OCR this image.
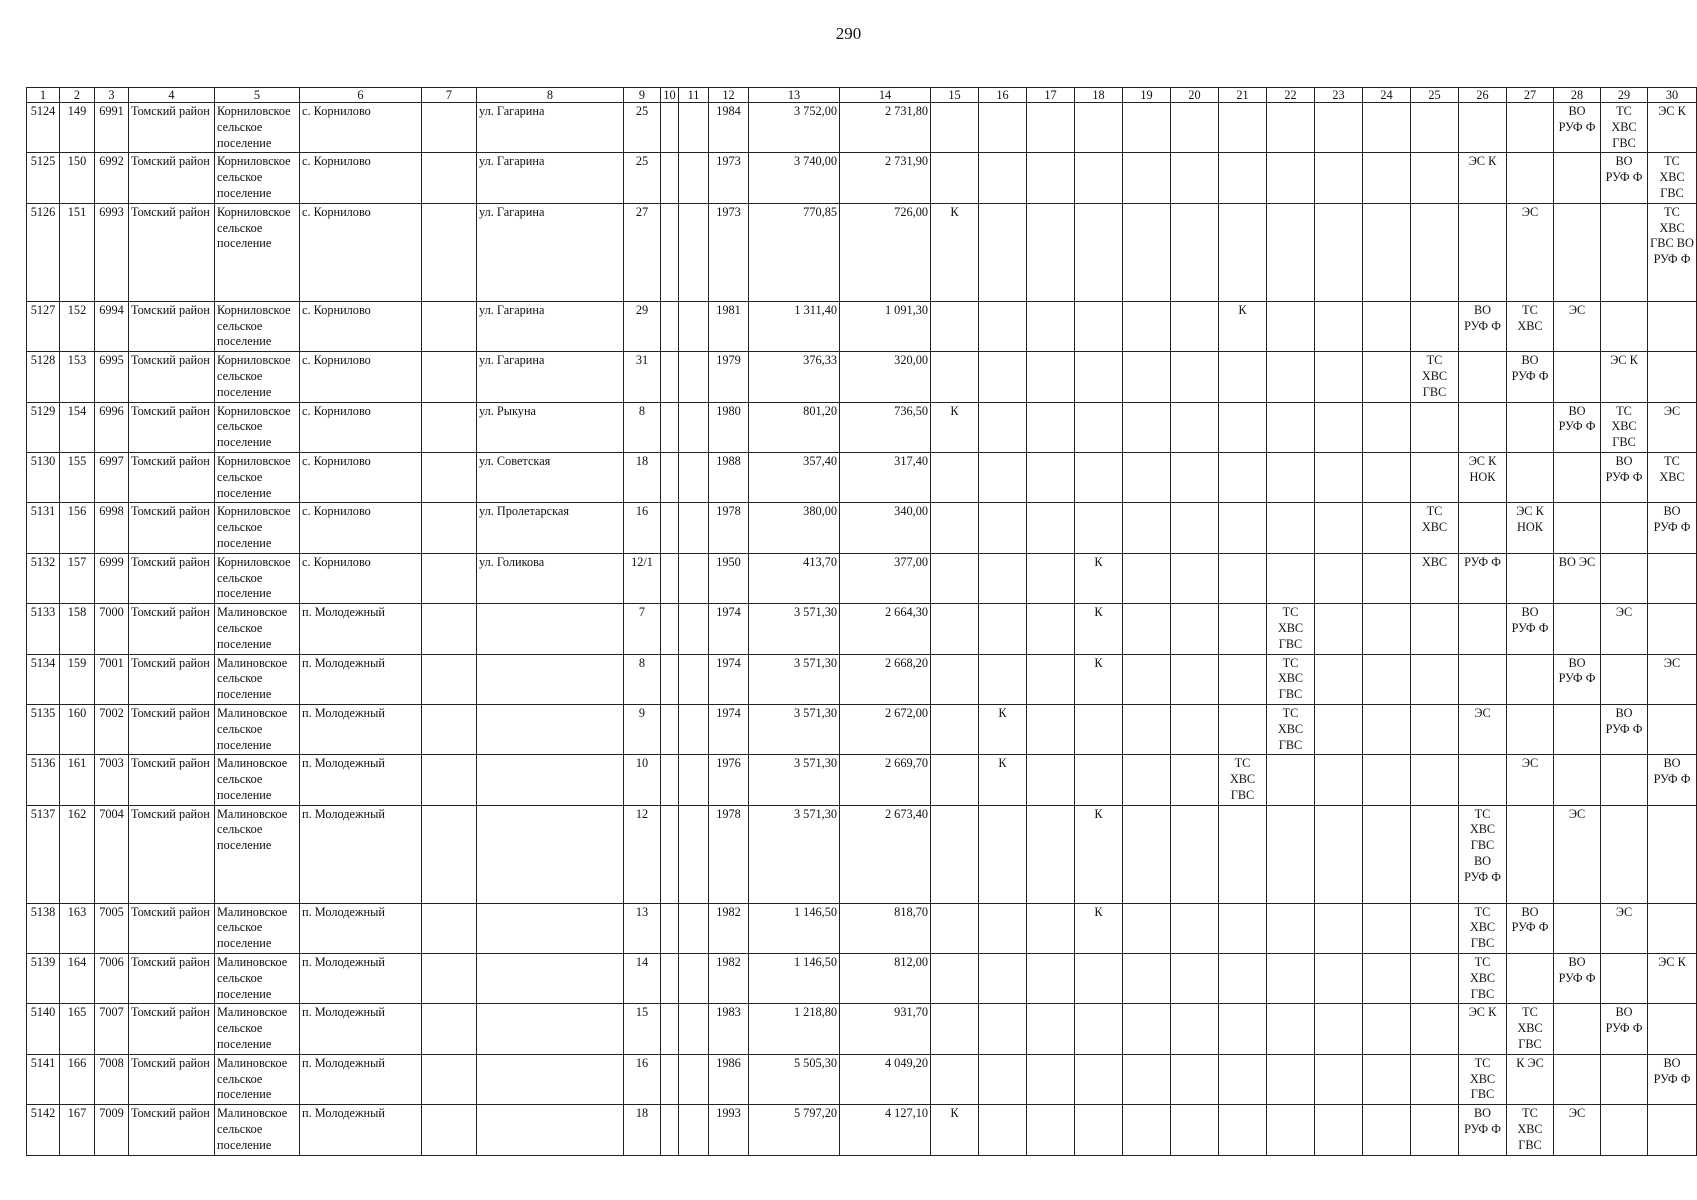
290
1	2	3	4	5	6	7	8	9	10	11	12	13	14	15	16	17	18	19	20	21	22	23	24	25	26	27	28	29	30
5124	149	6991	Томский район	Корниловское сельское поселение	с. Корнилово		ул. Гагарина	25			1984	3 752,00	2 731,80														ВО РУФ Ф	ТС ХВС ГВС	ЭС К
5125	150	6992	Томский район	Корниловское сельское поселение	с. Корнилово		ул. Гагарина	25			1973	3 740,00	2 731,90												ЭС К			ВО РУФ Ф	ТС ХВС ГВС
5126	151	6993	Томский район	Корниловское сельское поселение	с. Корнилово		ул. Гагарина	27			1973	770,85	726,00	К												ЭС			ТС ХВС ГВС ВО РУФ Ф
5127	152	6994	Томский район	Корниловское сельское поселение	с. Корнилово		ул. Гагарина	29			1981	1 311,40	1 091,30							К					ВО РУФ Ф	ТС ХВС	ЭС		
5128	153	6995	Томский район	Корниловское сельское поселение	с. Корнилово		ул. Гагарина	31			1979	376,33	320,00											ТС ХВС ГВС		ВО РУФ Ф		ЭС К	
5129	154	6996	Томский район	Корниловское сельское поселение	с. Корнилово		ул. Рыкуна	8			1980	801,20	736,50	К													ВО РУФ Ф	ТС ХВС ГВС	ЭС
5130	155	6997	Томский район	Корниловское сельское поселение	с. Корнилово		ул. Советская	18			1988	357,40	317,40												ЭС К НОК			ВО РУФ Ф	ТС ХВС
5131	156	6998	Томский район	Корниловское сельское поселение	с. Корнилово		ул. Пролетарская	16			1978	380,00	340,00											ТС ХВС		ЭС К НОК			ВО РУФ Ф
5132	157	6999	Томский район	Корниловское сельское поселение	с. Корнилово		ул. Голикова	12/1			1950	413,70	377,00				К							ХВС	РУФ Ф		ВО ЭС		
5133	158	7000	Томский район	Малиновское сельское поселение	п. Молодежный			7			1974	3 571,30	2 664,30				К				ТС ХВС ГВС					ВО РУФ Ф		ЭС	
5134	159	7001	Томский район	Малиновское сельское поселение	п. Молодежный			8			1974	3 571,30	2 668,20				К				ТС ХВС ГВС						ВО РУФ Ф		ЭС
5135	160	7002	Томский район	Малиновское сельское поселение	п. Молодежный			9			1974	3 571,30	2 672,00		К						ТС ХВС ГВС				ЭС			ВО РУФ Ф	
5136	161	7003	Томский район	Малиновское сельское поселение	п. Молодежный			10			1976	3 571,30	2 669,70		К					ТС ХВС ГВС						ЭС			ВО РУФ Ф
5137	162	7004	Томский район	Малиновское сельское поселение	п. Молодежный			12			1978	3 571,30	2 673,40				К								ТС ХВС ГВС ВО РУФ Ф		ЭС		
5138	163	7005	Томский район	Малиновское сельское поселение	п. Молодежный			13			1982	1 146,50	818,70				К								ТС ХВС ГВС	ВО РУФ Ф		ЭС	
5139	164	7006	Томский район	Малиновское сельское поселение	п. Молодежный			14			1982	1 146,50	812,00												ТС ХВС ГВС		ВО РУФ Ф		ЭС К
5140	165	7007	Томский район	Малиновское сельское поселение	п. Молодежный			15			1983	1 218,80	931,70												ЭС К	ТС ХВС ГВС		ВО РУФ Ф	
5141	166	7008	Томский район	Малиновское сельское поселение	п. Молодежный			16			1986	5 505,30	4 049,20												ТС ХВС ГВС	К ЭС			ВО РУФ Ф
5142	167	7009	Томский район	Малиновское сельское поселение	п. Молодежный			18			1993	5 797,20	4 127,10	К											ВО РУФ Ф	ТС ХВС ГВС	ЭС		
